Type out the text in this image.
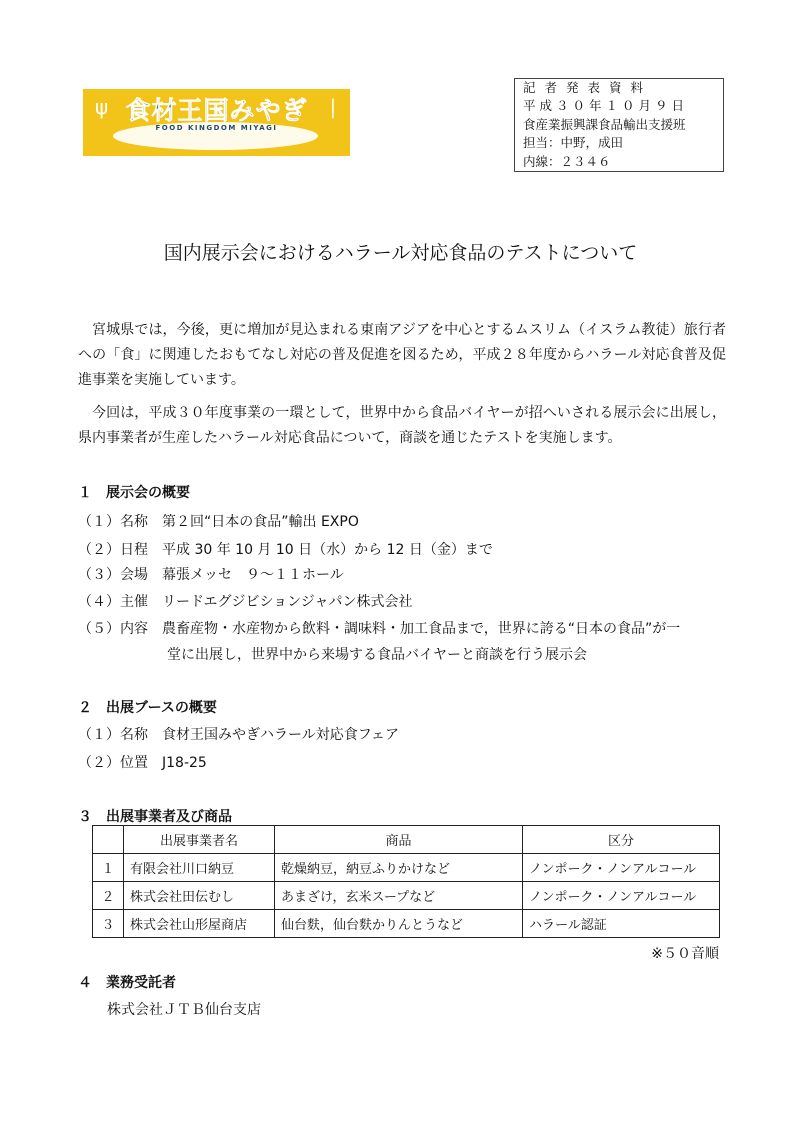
ψ	∣
食材王国みやぎ
FOOD KINGDOM MIYAGI
記者発表資料
平成３０年１０月９日
食産業振興課食品輸出支援班
担当：中野，成田
内線：２３４６
国内展示会におけるハラール対応食品のテストについて
宮城県では，今後，更に増加が見込まれる東南アジアを中心とするムスリム（イスラム教徒）旅行者への「食」に関連したおもてなし対応の普及促進を図るため，平成２８年度からハラール対応食普及促進事業を実施しています。
今回は，平成３０年度事業の一環として，世界中から食品バイヤーが招へいされる展示会に出展し，県内事業者が生産したハラール対応食品について，商談を通じたテストを実施します。
１　展示会の概要
（１）名称　第２回“日本の食品”輸出 EXPO
（２）日程　平成 30 年 10 月 10 日（水）から 12 日（金）まで
（３）会場　幕張メッセ　９～１１ホール
（４）主催　リードエグジビションジャパン株式会社
（５）内容　農畜産物・水産物から飲料・調味料・加工食品まで，世界に誇る“日本の食品”が一
堂に出展し，世界中から来場する食品バイヤーと商談を行う展示会
２　出展ブースの概要
（１）名称　食材王国みやぎハラール対応食フェア
（２）位置　J18-25
３　出展事業者及び商品
	出展事業者名	商品	区分
１	有限会社川口納豆	乾燥納豆，納豆ふりかけなど	ノンポーク・ノンアルコール
２	株式会社田伝むし	あまざけ，玄米スープなど	ノンポーク・ノンアルコール
３	株式会社山形屋商店	仙台麩，仙台麩かりんとうなど	ハラール認証
※５０音順
４　業務受託者
株式会社ＪＴＢ仙台支店
